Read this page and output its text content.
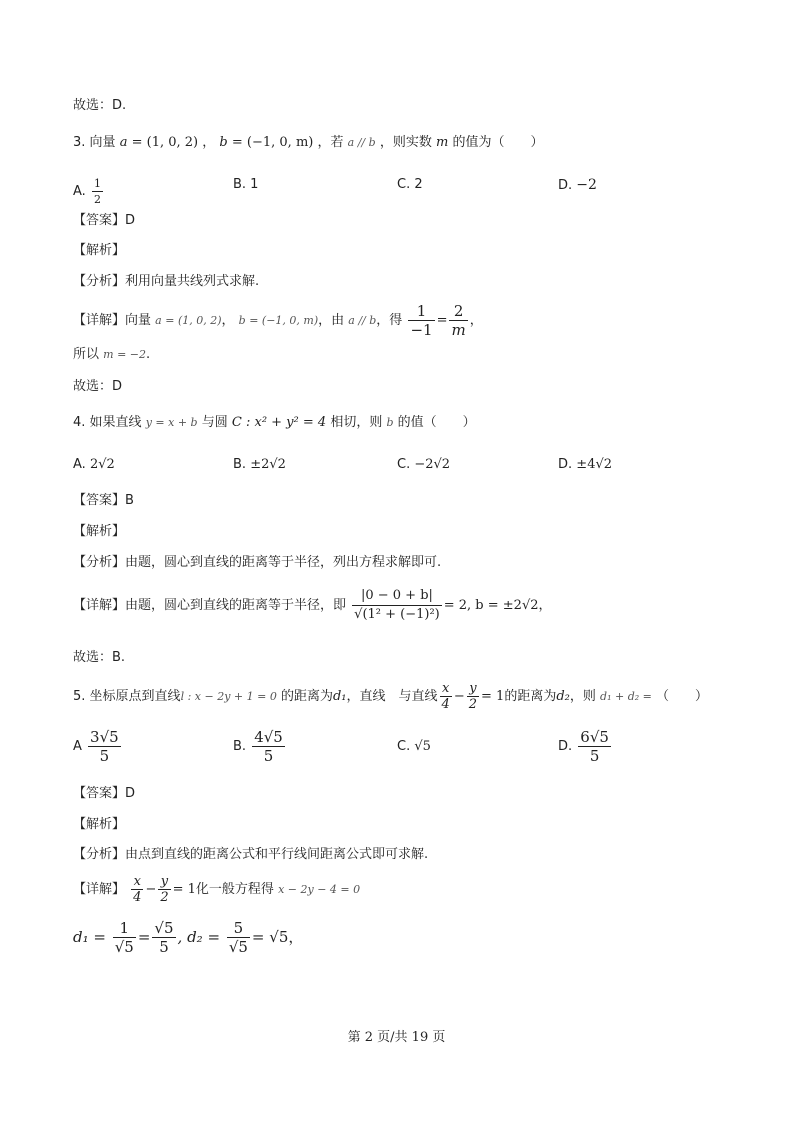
故选：D.
3. 向量 a = (1, 0, 2) ， b = (−1, 0, m) ，若 a // b ，则实数 m 的值为（　　）
A. $\frac{1}{2}$	B. 1	C. 2	D. −2
【答案】D
【解析】
【分析】利用向量共线列式求解.
【详解】向量 a = (1, 0, 2)， b = (−1, 0, m)，由 a // b，得 $\frac{1}{-1} = \frac{2}{m}$ ，
所以 m = −2.
故选：D
4. 如果直线 y = x + b 与圆 C : x² + y² = 4 相切，则 b 的值（　　）
A. 2√2	B. ±2√2	C. −2√2	D. ±4√2
【答案】B
【解析】
【分析】由题，圆心到直线的距离等于半径，列出方程求解即可.
【详解】由题，圆心到直线的距离等于半径，即 $\frac{|0 - 0 + b|}{\text{√(1² + (−1)²)}} = 2$, b = ±2√2，
故选：B.
5. 坐标原点到直线l : x − 2y + 1 = 0 的距离为d₁，直线　与直线 $\frac{x}{4} - \frac{y}{2} = 1$的距离为d₂，则 d₁ + d₂ = （　　）
A $\frac{3√5}{5}$	B. $\frac{4√5}{5}$	C. √5	D. $\frac{6√5}{5}$
【答案】D
【解析】
【分析】由点到直线的距离公式和平行线间距离公式即可求解.
【详解】 $\frac{x}{4} - \frac{y}{2} = 1$化一般方程得 x − 2y − 4 = 0
$d_1 = \frac{1}{√5} = \frac{√5}{5}$ , $d_2 = \frac{5}{√5} = √5$，
第 2 页/共 19 页
